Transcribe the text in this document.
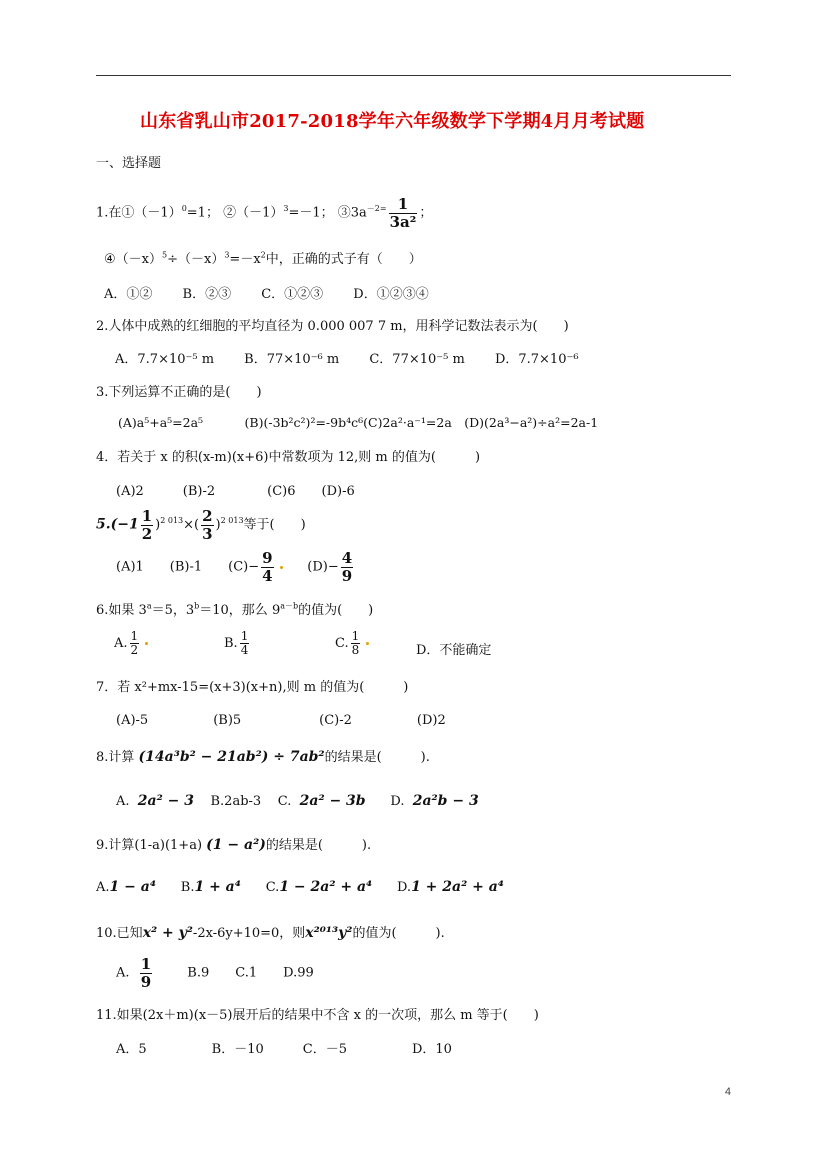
山东省乳山市2017-2018学年六年级数学下学期4月月考试题
一、选择题
1.在$①(-1)^0=1$； $②(-1)^3=-1$； $③3a^{-2=} \frac{1}{\text{3a²}}$ ；
$④(-x)^5\div(-x)^3=-x^2$中，正确的式子有（　　）
A．①②　　 B．②③　　 C．①②③　　 D．①②③④
2.人体中成熟的红细胞的平均直径为 0.000 007 7 m，用科学记数法表示为(　　)
A．7.7×10⁻⁵ m　　 B．77×10⁻⁶ m　　 C．77×10⁻⁵ m　　 D．7.7×10⁻⁶
3.下列运算不正确的是(　　)
(A)a⁵+a⁵=2a⁵　　　 (B)(-3b²c²)²=-9b⁴c⁶(C)2a²·a⁻¹=2a　(D)(2a³−a²)÷a²=2a-1
4．若关于 x 的积(x-m)(x+6)中常数项为 12,则 m 的值为(　　　)
(A)2　　　(B)-2　　　　(C)6　　(D)-6
$5.(-1 \frac{1}{2} )^{2 013}\times( \frac{2}{3} )^{2 013}$等于(　　)
(A)1　　(B)-1　　$(C)- \frac{9}{4}$	$(D)- \frac{4}{9}$
6.如果 $3^a=5$，$3^b=10$，那么 $9^{a-b}$的值为(　　)
A. $\frac{1}{2}$	B. $\frac{1}{4}$	C. $\frac{1}{8}$	D．不能确定
7．若 x²+mx-15=(x+3)(x+n),则 m 的值为(　　　)
(A)-5　　　　　(B)5　　　　　　(C)-2　　　　　(D)2
8.计算 (14a³b² − 21ab²) ÷ 7ab²的结果是(　　　).
A. 2a² − 3 B.2ab-3 C. 2a² − 3b D. 2a²b − 3
9.计算(1-a)(1+a) (1 − a²)的结果是(　　　).
A.1 − a⁴ B.1 + a⁴ C.1 − 2a² + a⁴ D.1 + 2a² + a⁴
10.已知x² + y²-2x-6y+10=0，则x²⁰¹³y²的值为(　　　).
A. $\frac{1}{9}$	B.9　　C.1　　D.99
11.如果(2x＋m)(x－5)展开后的结果中不含 x 的一次项，那么 m 等于(　　)
A．5　　　　　B．－10　　　C．－5　　　　　D．10
4
